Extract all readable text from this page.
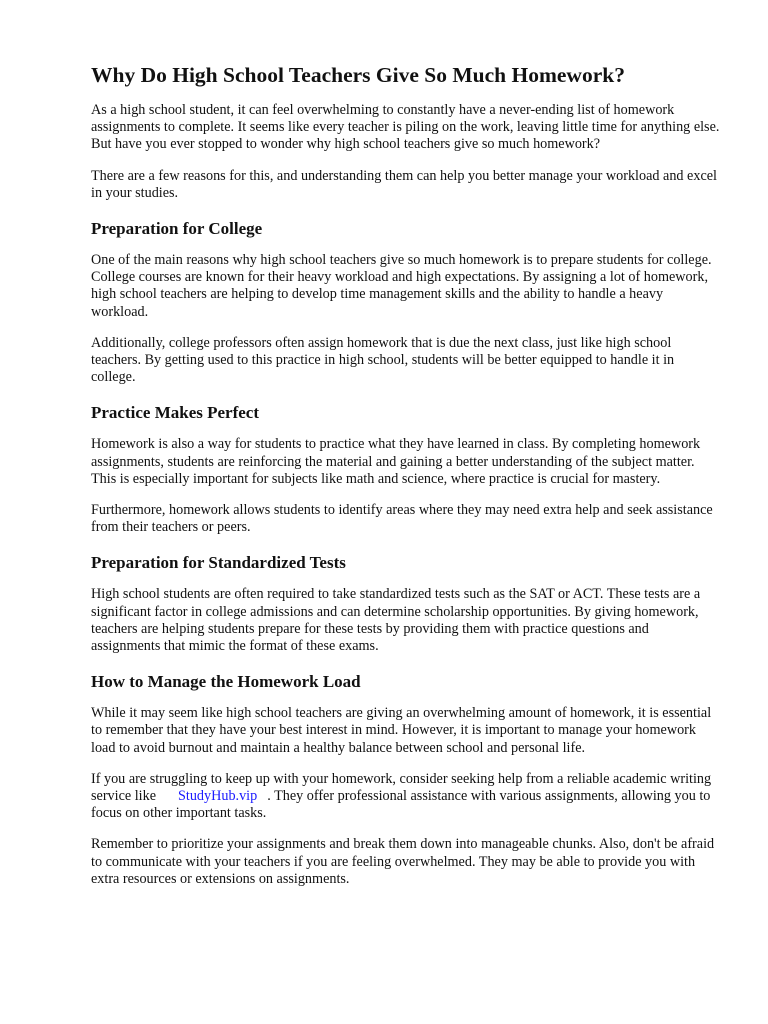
Why Do High School Teachers Give So Much Homework?

As a high school student, it can feel overwhelming to constantly have a never-ending list of homework assignments to complete. It seems like every teacher is piling on the work, leaving little time for anything else. But have you ever stopped to wonder why high school teachers give so much homework?

There are a few reasons for this, and understanding them can help you better manage your workload and excel in your studies.

Preparation for College

One of the main reasons why high school teachers give so much homework is to prepare students for college. College courses are known for their heavy workload and high expectations. By assigning a lot of homework, high school teachers are helping to develop time management skills and the ability to handle a heavy workload.

Additionally, college professors often assign homework that is due the next class, just like high school teachers. By getting used to this practice in high school, students will be better equipped to handle it in college.

Practice Makes Perfect

Homework is also a way for students to practice what they have learned in class. By completing homework assignments, students are reinforcing the material and gaining a better understanding of the subject matter. This is especially important for subjects like math and science, where practice is crucial for mastery.

Furthermore, homework allows students to identify areas where they may need extra help and seek assistance from their teachers or peers.

Preparation for Standardized Tests

High school students are often required to take standardized tests such as the SAT or ACT. These tests are a significant factor in college admissions and can determine scholarship opportunities. By giving homework, teachers are helping students prepare for these tests by providing them with practice questions and assignments that mimic the format of these exams.

How to Manage the Homework Load

While it may seem like high school teachers are giving an overwhelming amount of homework, it is essential to remember that they have your best interest in mind. However, it is important to manage your homework load to avoid burnout and maintain a healthy balance between school and personal life.

If you are struggling to keep up with your homework, consider seeking help from a reliable academic writing service like StudyHub.vip . They offer professional assistance with various assignments, allowing you to focus on other important tasks.

Remember to prioritize your assignments and break them down into manageable chunks. Also, don't be afraid to communicate with your teachers if you are feeling overwhelmed. They may be able to provide you with extra resources or extensions on assignments.
